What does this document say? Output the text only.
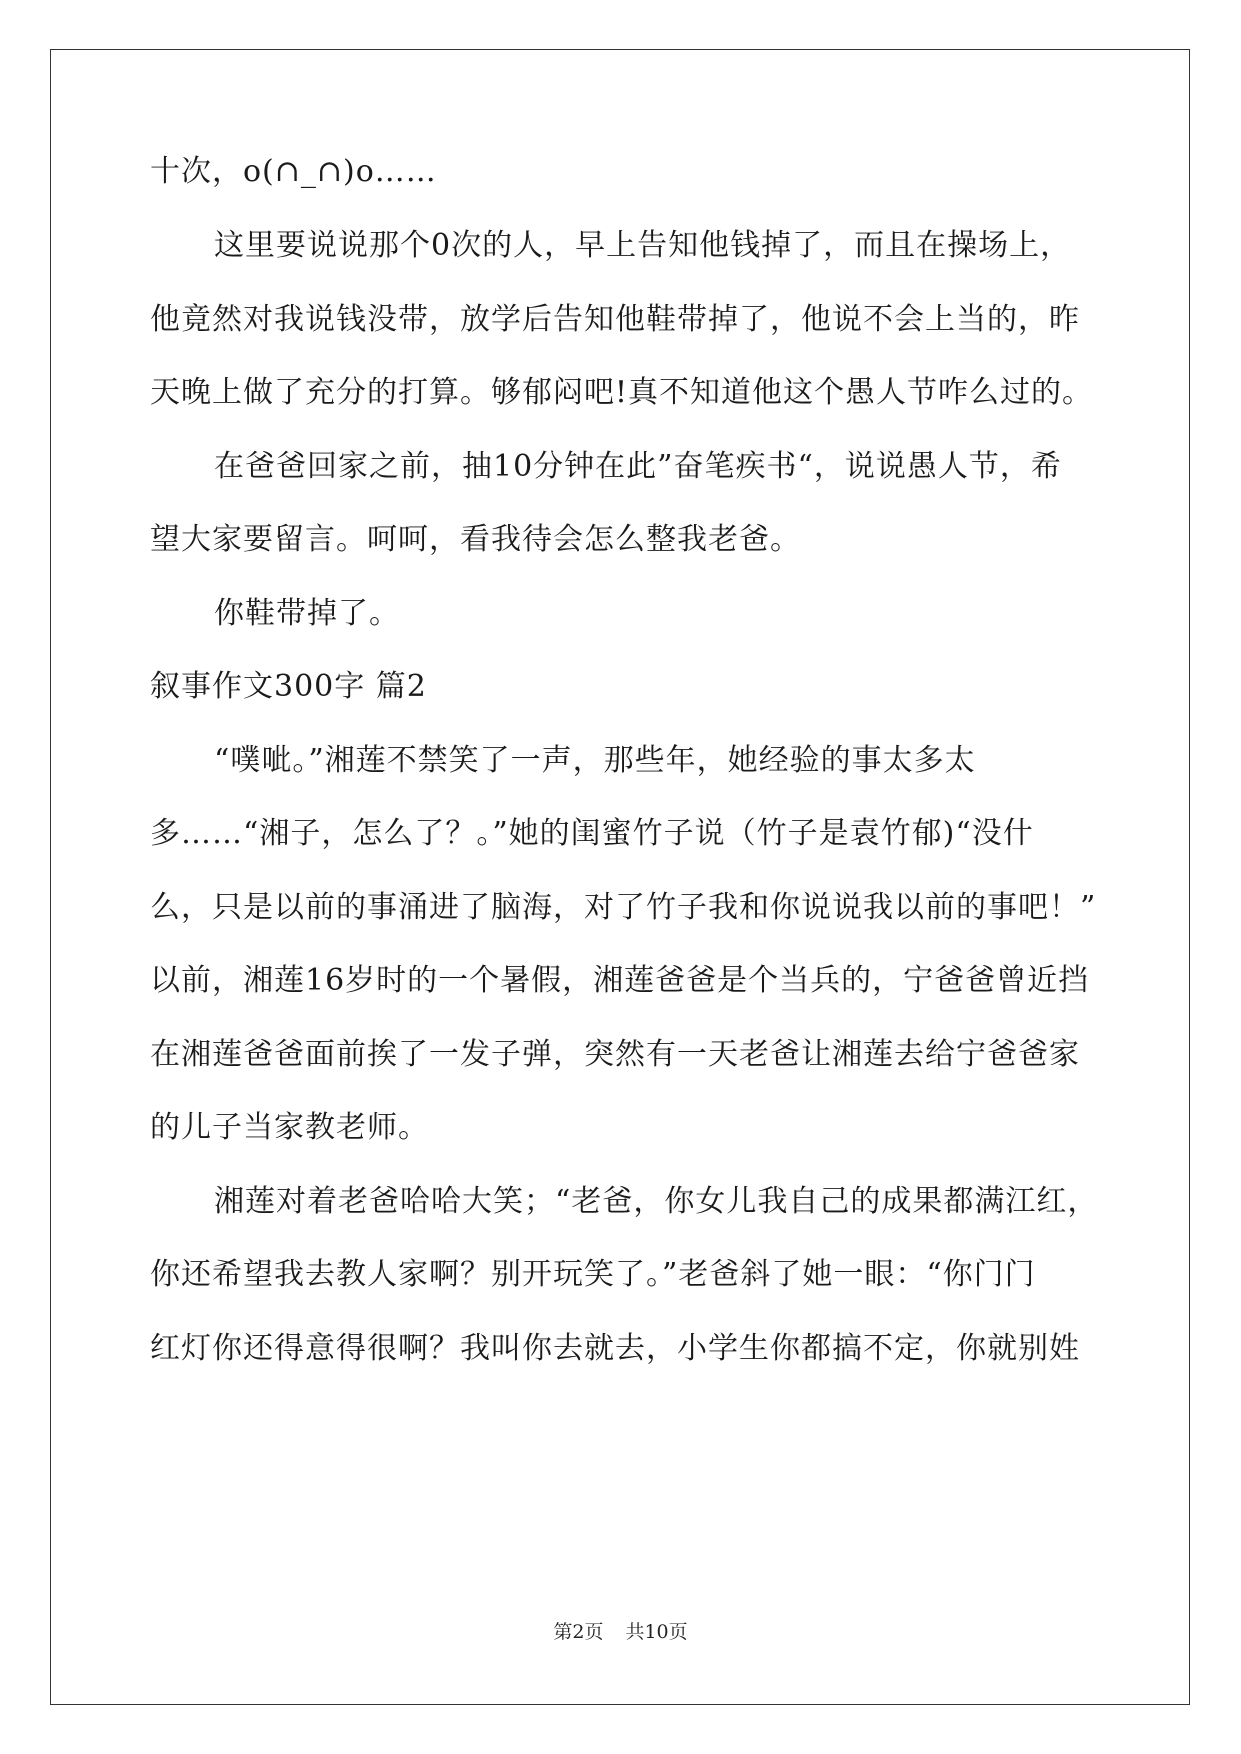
十次，o(∩_∩)o……
这里要说说那个0次的人，早上告知他钱掉了，而且在操场上，
他竟然对我说钱没带，放学后告知他鞋带掉了，他说不会上当的，昨
天晚上做了充分的打算。够郁闷吧!真不知道他这个愚人节咋么过的。
在爸爸回家之前，抽10分钟在此”奋笔疾书“，说说愚人节，希
望大家要留言。呵呵，看我待会怎么整我老爸。
你鞋带掉了。
叙事作文300字 篇2
“噗呲。”湘莲不禁笑了一声，那些年，她经验的事太多太
多……“湘子，怎么了？。”她的闺蜜竹子说（竹子是袁竹郁)“没什
么，只是以前的事涌进了脑海，对了竹子我和你说说我以前的事吧！”
以前，湘莲16岁时的一个暑假，湘莲爸爸是个当兵的，宁爸爸曾近挡
在湘莲爸爸面前挨了一发子弹，突然有一天老爸让湘莲去给宁爸爸家
的儿子当家教老师。
湘莲对着老爸哈哈大笑；“老爸，你女儿我自己的成果都满江红，
你还希望我去教人家啊？别开玩笑了。”老爸斜了她一眼：“你门门
红灯你还得意得很啊？我叫你去就去，小学生你都搞不定，你就别姓
第2页 共10页
